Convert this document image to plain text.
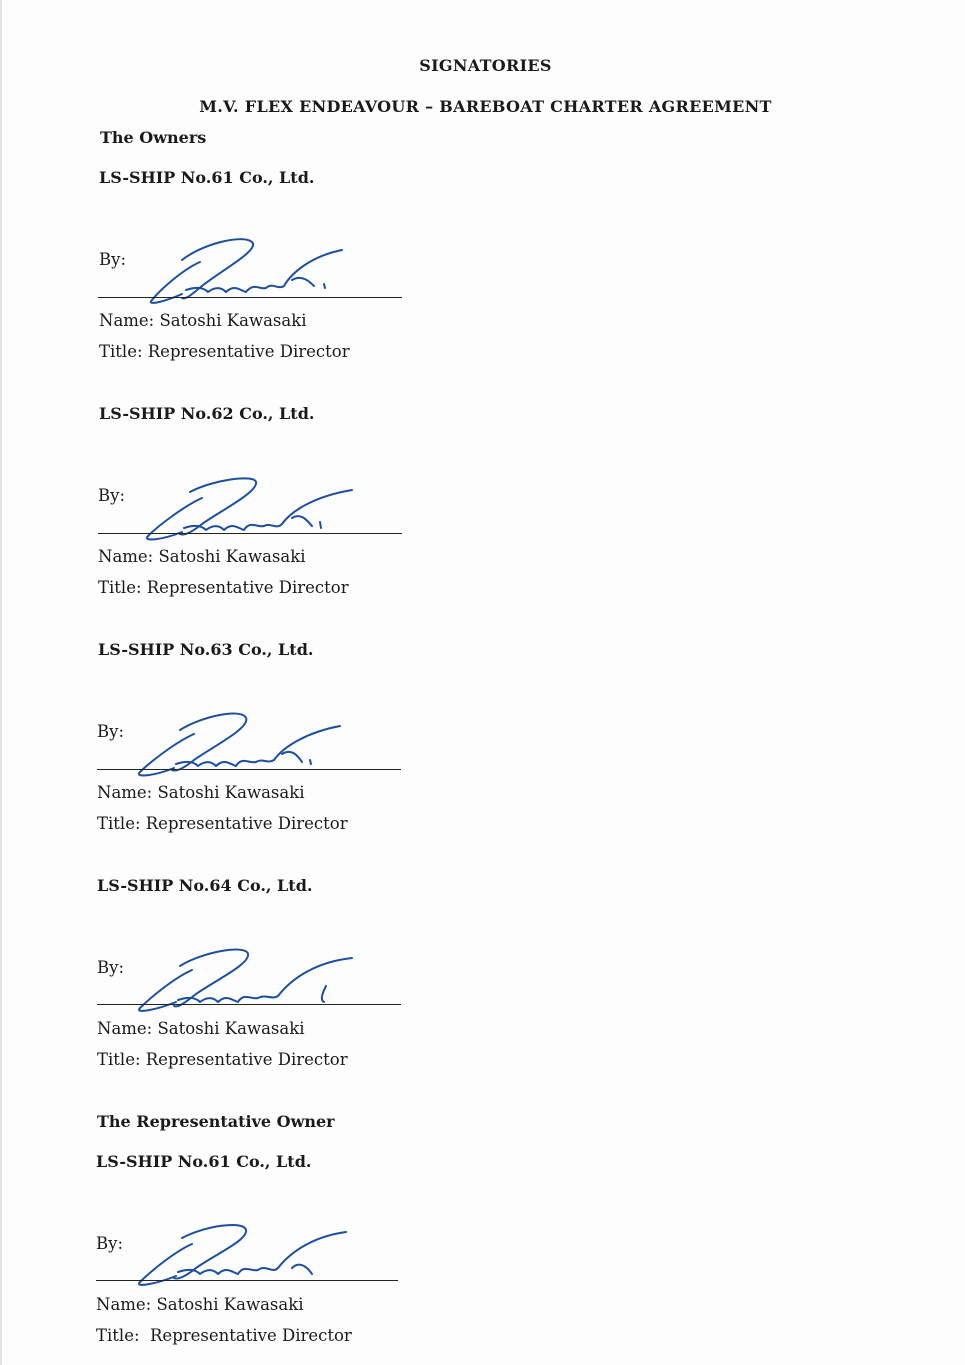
SIGNATORIES
M.V. FLEX ENDEAVOUR – BAREBOAT CHARTER AGREEMENT
The Owners
LS-SHIP No.61 Co., Ltd.
By:
Name: Satoshi Kawasaki
Title: Representative Director
LS-SHIP No.62 Co., Ltd.
By:
Name: Satoshi Kawasaki
Title: Representative Director
LS-SHIP No.63 Co., Ltd.
By:
Name: Satoshi Kawasaki
Title: Representative Director
LS-SHIP No.64 Co., Ltd.
By:
Name: Satoshi Kawasaki
Title: Representative Director
The Representative Owner
LS-SHIP No.61 Co., Ltd.
By:
Name: Satoshi Kawasaki
Title:  Representative Director
